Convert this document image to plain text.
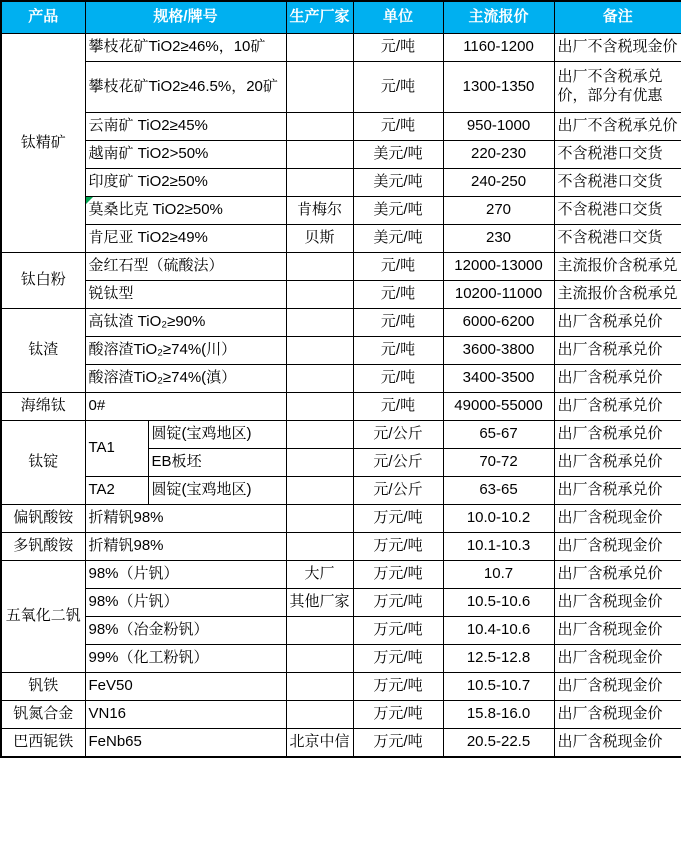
产品	规格/牌号		生产厂家	单位	主流报价	备注
钛精矿	攀枝花矿TiO2≥46%，10矿			元/吨	1160-1200	出厂不含税现金价
	攀枝花矿TiO2≥46.5%，20矿			元/吨	1300-1350	出厂不含税承兑价，部分有优惠
	云南矿 TiO2≥45%			元/吨	950-1000	出厂不含税承兑价
	越南矿 TiO2>50%			美元/吨	220-230	不含税港口交货
	印度矿 TiO2≥50%			美元/吨	240-250	不含税港口交货
	莫桑比克 TiO2≥50%		肯梅尔	美元/吨	270	不含税港口交货
	肯尼亚 TiO2≥49%		贝斯	美元/吨	230	不含税港口交货
钛白粉	金红石型（硫酸法）			元/吨	12000-13000	主流报价含税承兑
	锐钛型			元/吨	10200-11000	主流报价含税承兑
钛渣	高钛渣 TiO₂≥90%			元/吨	6000-6200	出厂含税承兑价
	酸溶渣TiO₂≥74%(川）			元/吨	3600-3800	出厂含税承兑价
	酸溶渣TiO₂≥74%(滇）			元/吨	3400-3500	出厂含税承兑价
海绵钛	0#			元/吨	49000-55000	出厂含税承兑价
钛锭	TA1	圆锭(宝鸡地区)		元/公斤	65-67	出厂含税承兑价
		EB板坯		元/公斤	70-72	出厂含税承兑价
	TA2	圆锭(宝鸡地区)		元/公斤	63-65	出厂含税承兑价
偏钒酸铵	折精钒98%			万元/吨	10.0-10.2	出厂含税现金价
多钒酸铵	折精钒98%			万元/吨	10.1-10.3	出厂含税现金价
五氧化二钒	98%（片钒）		大厂	万元/吨	10.7	出厂含税承兑价
	98%（片钒）		其他厂家	万元/吨	10.5-10.6	出厂含税现金价
	98%（冶金粉钒）			万元/吨	10.4-10.6	出厂含税现金价
	99%（化工粉钒）			万元/吨	12.5-12.8	出厂含税现金价
钒铁	FeV50			万元/吨	10.5-10.7	出厂含税现金价
钒氮合金	VN16			万元/吨	15.8-16.0	出厂含税现金价
巴西铌铁	FeNb65		北京中信	万元/吨	20.5-22.5	出厂含税现金价
